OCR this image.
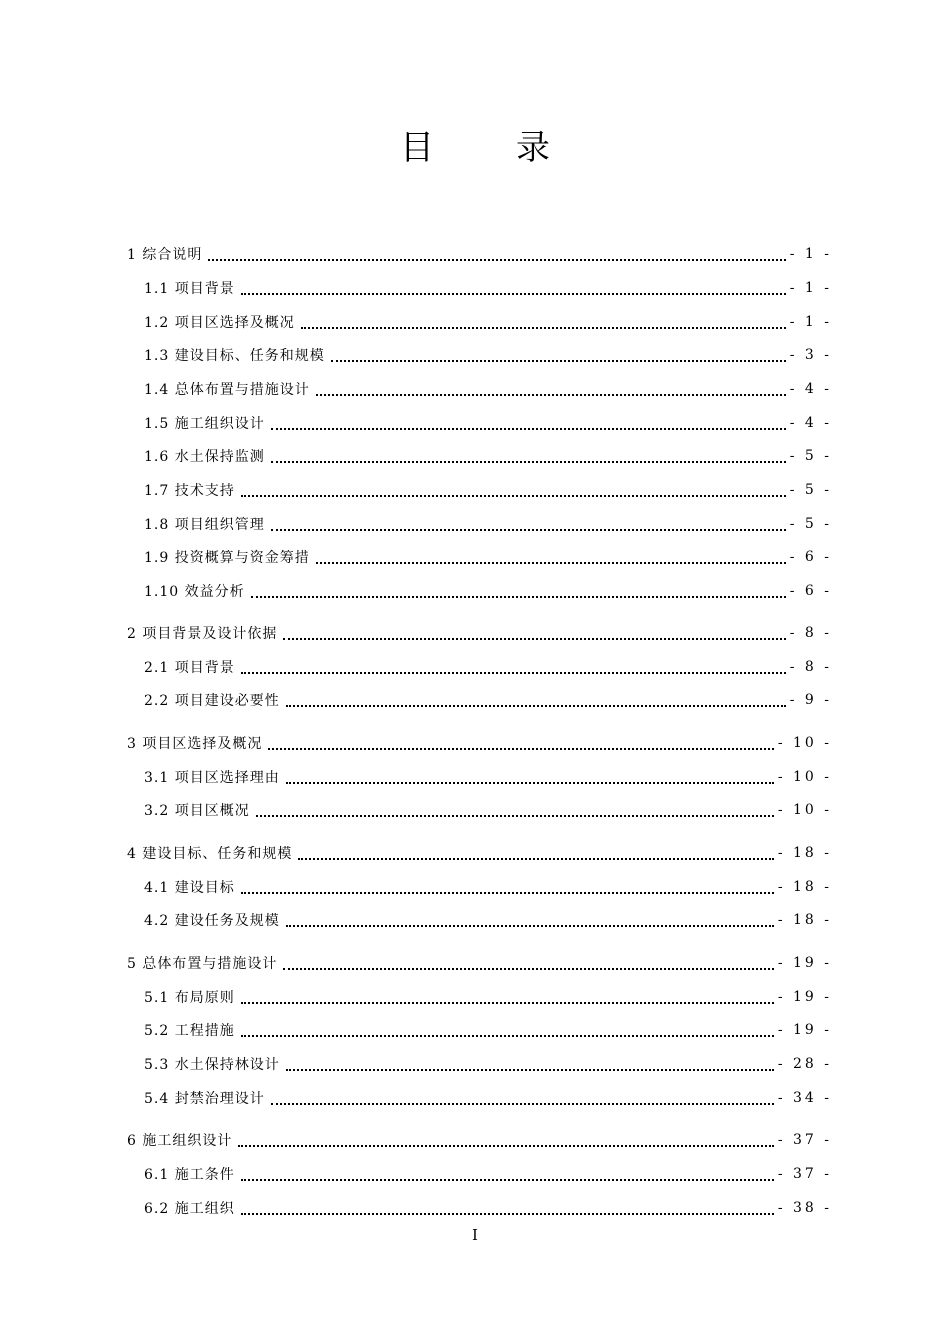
目录
1 综合说明	- 1 -
1.1 项目背景	- 1 -
1.2 项目区选择及概况	- 1 -
1.3 建设目标、任务和规模	- 3 -
1.4 总体布置与措施设计	- 4 -
1.5 施工组织设计	- 4 -
1.6 水土保持监测	- 5 -
1.7 技术支持	- 5 -
1.8 项目组织管理	- 5 -
1.9 投资概算与资金筹措	- 6 -
1.10 效益分析	- 6 -
2 项目背景及设计依据	- 8 -
2.1 项目背景	- 8 -
2.2 项目建设必要性	- 9 -
3 项目区选择及概况	- 10 -
3.1 项目区选择理由	- 10 -
3.2 项目区概况	- 10 -
4 建设目标、任务和规模	- 18 -
4.1 建设目标	- 18 -
4.2 建设任务及规模	- 18 -
5 总体布置与措施设计	- 19 -
5.1 布局原则	- 19 -
5.2 工程措施	- 19 -
5.3 水土保持林设计	- 28 -
5.4 封禁治理设计	- 34 -
6 施工组织设计	- 37 -
6.1 施工条件	- 37 -
6.2 施工组织	- 38 -
I
